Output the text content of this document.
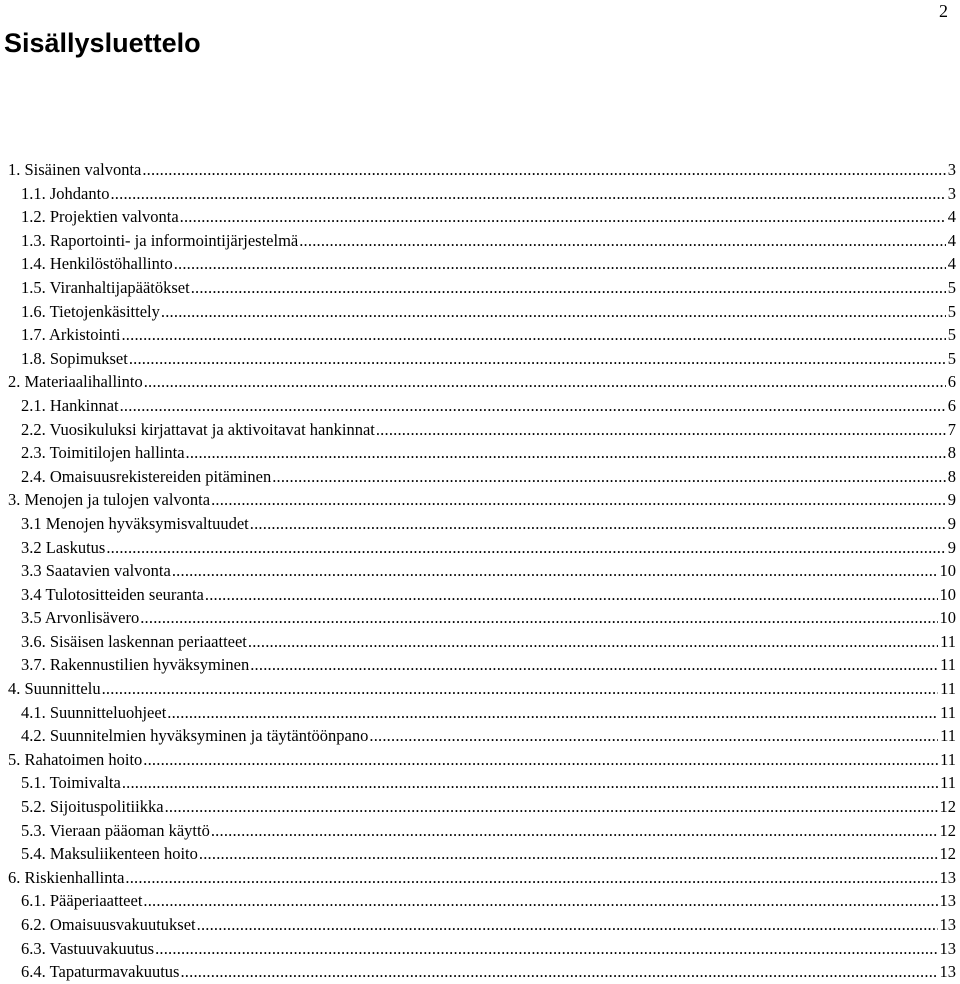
2
Sisällysluettelo
1. Sisäinen valvonta .....	3
1.1. Johdanto .....	3
1.2. Projektien valvonta .....	4
1.3. Raportointi- ja informointijärjestelmä .....	4
1.4. Henkilöstöhallinto .....	4
1.5. Viranhaltijapäätökset .....	5
1.6. Tietojenkäsittely .....	5
1.7. Arkistointi .....	5
1.8. Sopimukset .....	5
2. Materiaalihallinto .....	6
2.1. Hankinnat .....	6
2.2. Vuosikuluksi kirjattavat ja aktivoitavat hankinnat .....	7
2.3. Toimitilojen hallinta .....	8
2.4. Omaisuusrekistereiden pitäminen .....	8
3. Menojen ja tulojen valvonta .....	9
3.1 Menojen hyväksymisvaltuudet .....	9
3.2 Laskutus .....	9
3.3 Saatavien valvonta .....	10
3.4 Tulotositteiden seuranta .....	10
3.5 Arvonlisävero .....	10
3.6. Sisäisen laskennan periaatteet .....	11
3.7. Rakennustilien hyväksyminen .....	11
4. Suunnittelu .....	11
4.1. Suunnitteluohjeet .....	11
4.2. Suunnitelmien hyväksyminen ja täytäntöönpano .....	11
5. Rahatoimen hoito .....	11
5.1. Toimivalta .....	11
5.2. Sijoituspolitiikka .....	12
5.3. Vieraan pääoman käyttö .....	12
5.4. Maksuliikenteen hoito .....	12
6. Riskienhallinta .....	13
6.1. Pääperiaatteet .....	13
6.2. Omaisuusvakuutukset .....	13
6.3. Vastuuvakuutus .....	13
6.4. Tapaturmavakuutus .....	13
